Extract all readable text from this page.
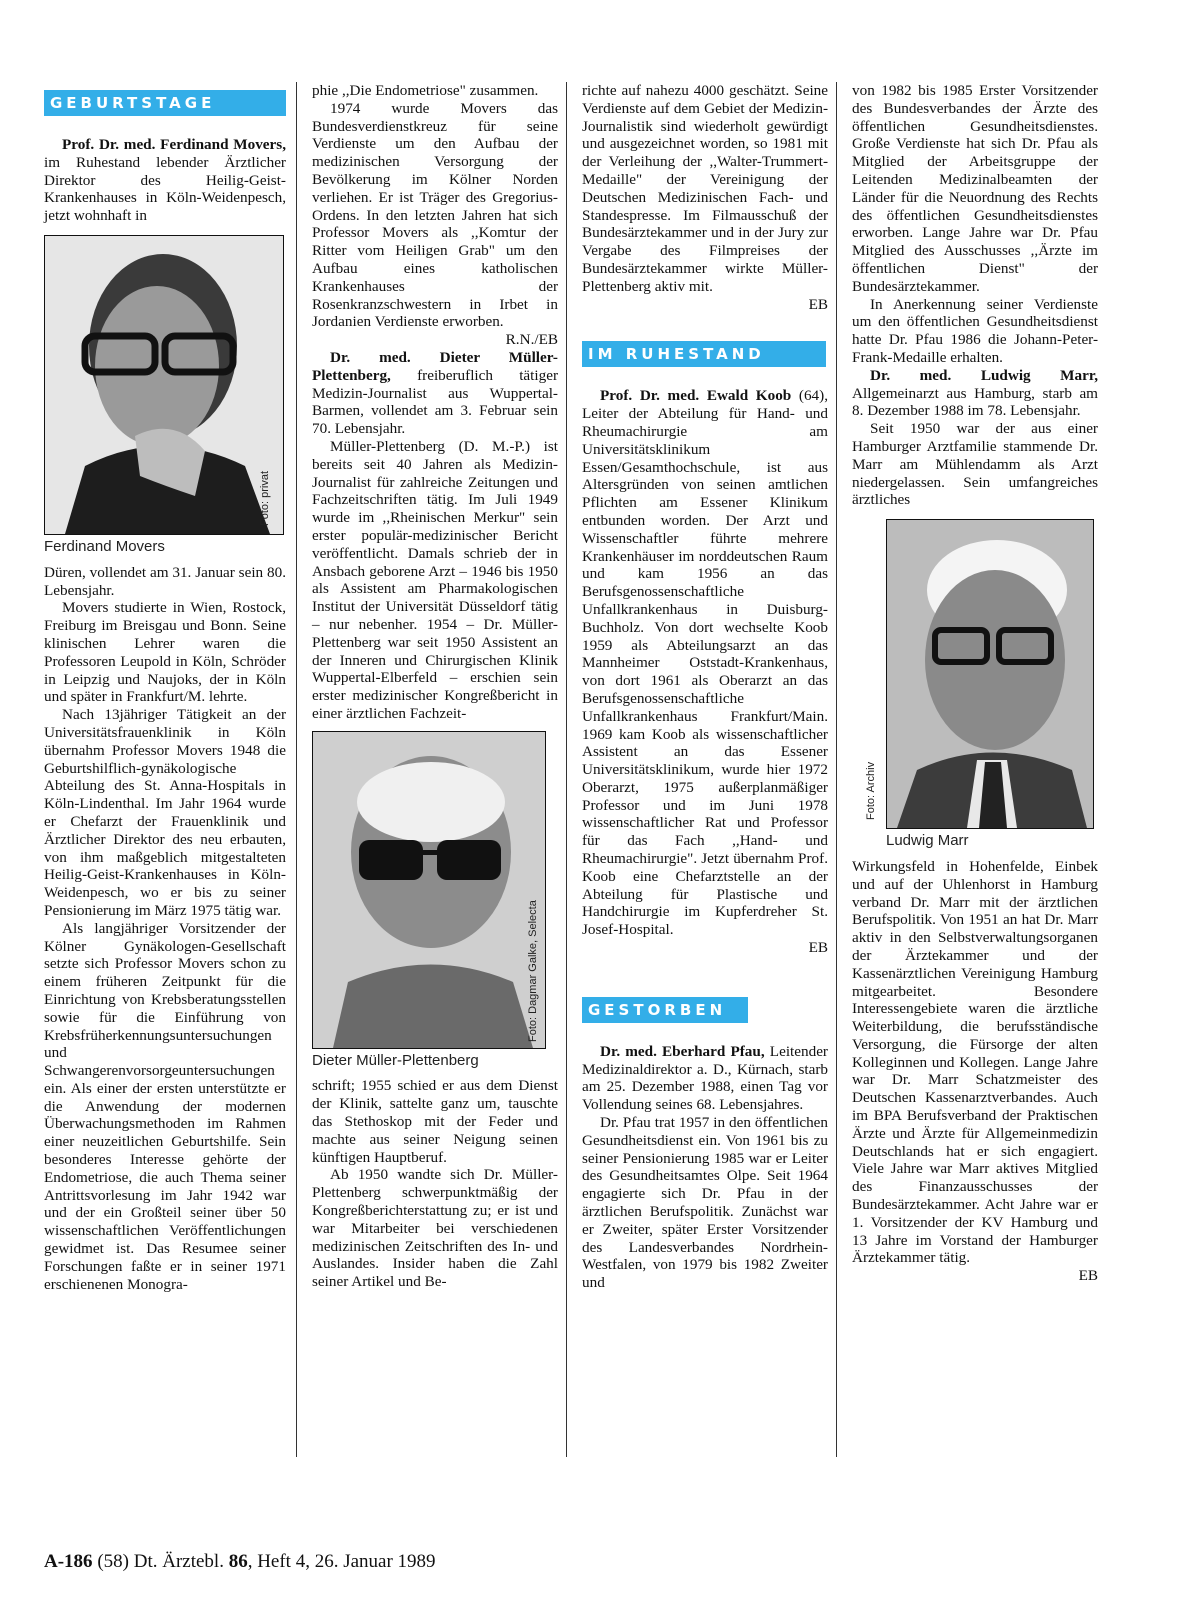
GEBURTSTAGE

Prof. Dr. med. Ferdinand Movers, im Ruhestand lebender Ärztlicher Direktor des Heilig-Geist-Krankenhauses in Köln-Weidenpesch, jetzt wohnhaft in

Foto: privat
Ferdinand Movers

Düren, vollendet am 31. Januar sein 80. Lebensjahr.

Movers studierte in Wien, Rostock, Freiburg im Breisgau und Bonn. Seine klinischen Lehrer waren die Professoren Leupold in Köln, Schröder in Leipzig und Naujoks, der in Köln und später in Frankfurt/M. lehrte.

Nach 13jähriger Tätigkeit an der Universitätsfrauenklinik in Köln übernahm Professor Movers 1948 die Geburtshilflich-gynäkologische Abteilung des St. Anna-Hospitals in Köln-Lindenthal. Im Jahr 1964 wurde er Chefarzt der Frauenklinik und Ärztlicher Direktor des neu erbauten, von ihm maßgeblich mitgestalteten Heilig-Geist-Krankenhauses in Köln-Weidenpesch, wo er bis zu seiner Pensionierung im März 1975 tätig war.

Als langjähriger Vorsitzender der Kölner Gynäkologen-Gesellschaft setzte sich Professor Movers schon zu einem früheren Zeitpunkt für die Einrichtung von Krebsberatungsstellen sowie für die Einführung von Krebsfrüherkennungsuntersuchungen und Schwangerenvorsorgeuntersuchungen ein. Als einer der ersten unterstützte er die Anwendung der modernen Überwachungsmethoden im Rahmen einer neuzeitlichen Geburtshilfe. Sein besonderes Interesse gehörte der Endometriose, die auch Thema seiner Antrittsvorlesung im Jahr 1942 war und der ein Großteil seiner über 50 wissenschaftlichen Veröffentlichungen gewidmet ist. Das Resumee seiner Forschungen faßte er in seiner 1971 erschienenen Monogra-

phie ,,Die Endometriose" zusammen.

1974 wurde Movers das Bundesverdienstkreuz für seine Verdienste um den Aufbau der medizinischen Versorgung der Bevölkerung im Kölner Norden verliehen. Er ist Träger des Gregorius-Ordens. In den letzten Jahren hat sich Professor Movers als ,,Komtur der Ritter vom Heiligen Grab" um den Aufbau eines katholischen Krankenhauses der Rosenkranzschwestern in Irbet in Jordanien Verdienste erworben.

R.N./EB

Dr. med. Dieter Müller-Plettenberg, freiberuflich tätiger Medizin-Journalist aus Wuppertal-Barmen, vollendet am 3. Februar sein 70. Lebensjahr.

Müller-Plettenberg (D. M.-P.) ist bereits seit 40 Jahren als Medizin-Journalist für zahlreiche Zeitungen und Fachzeitschriften tätig. Im Juli 1949 wurde im ,,Rheinischen Merkur" sein erster populär-medizinischer Bericht veröffentlicht. Damals schrieb der in Ansbach geborene Arzt – 1946 bis 1950 als Assistent am Pharmakologischen Institut der Universität Düsseldorf tätig – nur nebenher. 1954 – Dr. Müller-Plettenberg war seit 1950 Assistent an der Inneren und Chirurgischen Klinik Wuppertal-Elberfeld – erschien sein erster medizinischer Kongreßbericht in einer ärztlichen Fachzeit-

Foto: Dagmar Galke, Selecta
Dieter Müller-Plettenberg

schrift; 1955 schied er aus dem Dienst der Klinik, sattelte ganz um, tauschte das Stethoskop mit der Feder und machte aus seiner Neigung seinen künftigen Hauptberuf.

Ab 1950 wandte sich Dr. Müller-Plettenberg schwerpunktmäßig der Kongreßberichterstattung zu; er ist und war Mitarbeiter bei verschiedenen medizinischen Zeitschriften des In- und Auslandes. Insider haben die Zahl seiner Artikel und Be-

richte auf nahezu 4000 geschätzt. Seine Verdienste auf dem Gebiet der Medizin-Journalistik sind wiederholt gewürdigt und ausgezeichnet worden, so 1981 mit der Verleihung der ,,Walter-Trummert-Medaille" der Vereinigung der Deutschen Medizinischen Fach- und Standespresse. Im Filmausschuß der Bundesärztekammer und in der Jury zur Vergabe des Filmpreises der Bundesärztekammer wirkte Müller-Plettenberg aktiv mit.

EB

IM RUHESTAND

Prof. Dr. med. Ewald Koob (64), Leiter der Abteilung für Hand- und Rheumachirurgie am Universitätsklinikum Essen/Gesamthochschule, ist aus Altersgründen von seinen amtlichen Pflichten am Essener Klinikum entbunden worden. Der Arzt und Wissenschaftler führte mehrere Krankenhäuser im norddeutschen Raum und kam 1956 an das Berufsgenossenschaftliche Unfallkrankenhaus in Duisburg-Buchholz. Von dort wechselte Koob 1959 als Abteilungsarzt an das Mannheimer Oststadt-Krankenhaus, von dort 1961 als Oberarzt an das Berufsgenossenschaftliche Unfallkrankenhaus Frankfurt/Main. 1969 kam Koob als wissenschaftlicher Assistent an das Essener Universitätsklinikum, wurde hier 1972 Oberarzt, 1975 außerplanmäßiger Professor und im Juni 1978 wissenschaftlicher Rat und Professor für das Fach ,,Hand- und Rheumachirurgie". Jetzt übernahm Prof. Koob eine Chefarztstelle an der Abteilung für Plastische und Handchirurgie im Kupferdreher St. Josef-Hospital.

EB

GESTORBEN

Dr. med. Eberhard Pfau, Leitender Medizinaldirektor a. D., Kürnach, starb am 25. Dezember 1988, einen Tag vor Vollendung seines 68. Lebensjahres.

Dr. Pfau trat 1957 in den öffentlichen Gesundheitsdienst ein. Von 1961 bis zu seiner Pensionierung 1985 war er Leiter des Gesundheitsamtes Olpe. Seit 1964 engagierte sich Dr. Pfau in der ärztlichen Berufspolitik. Zunächst war er Zweiter, später Erster Vorsitzender des Landesverbandes Nordrhein-Westfalen, von 1979 bis 1982 Zweiter und

von 1982 bis 1985 Erster Vorsitzender des Bundesverbandes der Ärzte des öffentlichen Gesundheitsdienstes. Große Verdienste hat sich Dr. Pfau als Mitglied der Arbeitsgruppe der Leitenden Medizinalbeamten der Länder für die Neuordnung des Rechts des öffentlichen Gesundheitsdienstes erworben. Lange Jahre war Dr. Pfau Mitglied des Ausschusses ,,Ärzte im öffentlichen Dienst" der Bundesärztekammer.

In Anerkennung seiner Verdienste um den öffentlichen Gesundheitsdienst hatte Dr. Pfau 1986 die Johann-Peter-Frank-Medaille erhalten.

Dr. med. Ludwig Marr, Allgemeinarzt aus Hamburg, starb am 8. Dezember 1988 im 78. Lebensjahr.

Seit 1950 war der aus einer Hamburger Arztfamilie stammende Dr. Marr am Mühlendamm als Arzt niedergelassen. Sein umfangreiches ärztliches

Foto: Archiv
Ludwig Marr

Wirkungsfeld in Hohenfelde, Einbek und auf der Uhlenhorst in Hamburg verband Dr. Marr mit der ärztlichen Berufspolitik. Von 1951 an hat Dr. Marr aktiv in den Selbstverwaltungsorganen der Ärztekammer und der Kassenärztlichen Vereinigung Hamburg mitgearbeitet. Besondere Interessengebiete waren die ärztliche Weiterbildung, die berufsständische Versorgung, die Fürsorge der alten Kolleginnen und Kollegen. Lange Jahre war Dr. Marr Schatzmeister des Deutschen Kassenarztverbandes. Auch im BPA Berufsverband der Praktischen Ärzte und Ärzte für Allgemeinmedizin Deutschlands hat er sich engagiert. Viele Jahre war Marr aktives Mitglied des Finanzausschusses der Bundesärztekammer. Acht Jahre war er 1. Vorsitzender der KV Hamburg und 13 Jahre im Vorstand der Hamburger Ärztekammer tätig.

EB

A-186 (58) Dt. Ärztebl. 86, Heft 4, 26. Januar 1989
